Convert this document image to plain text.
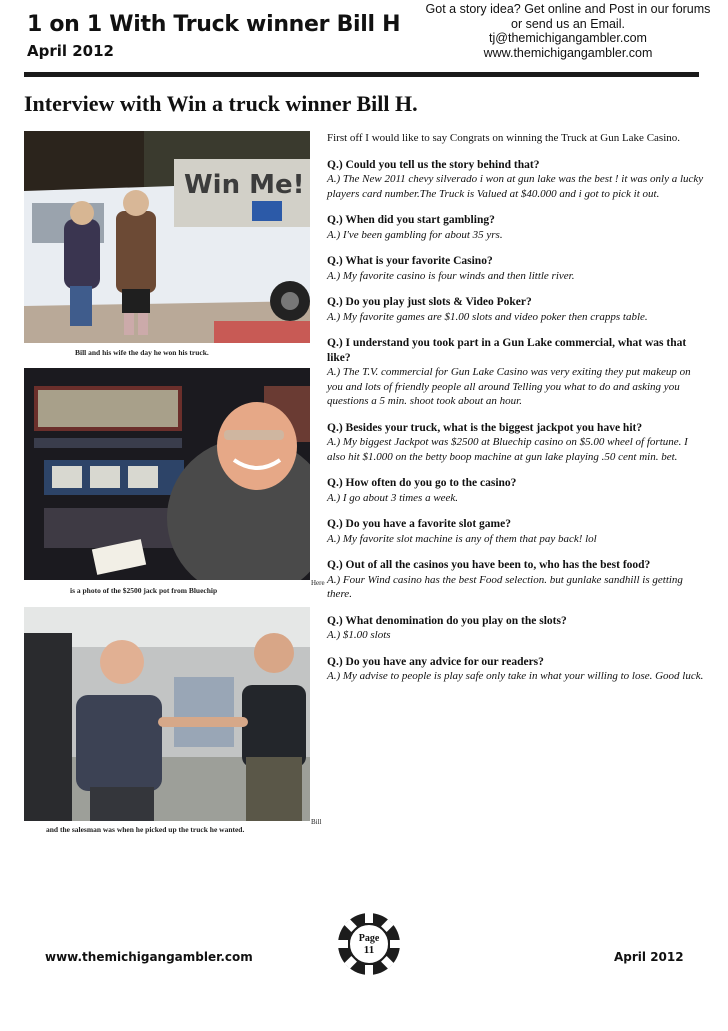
1 on 1 With Truck winner Bill H
April 2012
Got a story idea? Get online and Post in our forums
or send us an Email.
tj@themichigangambler.com
www.themichigangambler.com
Interview with Win a truck winner Bill H.
Win Me!
Bill and his wife the day he won his truck.
Here
is a photo of the $2500 jack pot from Bluechip
Bill
and the salesman was when he picked up the truck he wanted.
First off I would like to say Congrats on winning the Truck at Gun Lake Casino.
Q.) Could you tell us the story behind that?
A.) The New 2011 chevy silverado i won at gun lake was the best ! it was only a lucky players card number.The Truck is Valued at $40.000 and i got to pick it out.
Q.) When did you start gambling?
A.) I've been gambling for about 35 yrs.
Q.) What is your favorite Casino?
A.) My favorite casino is four winds and then little river.
Q.) Do you play just slots & Video Poker?
A.) My favorite games are $1.00 slots and video poker then crapps table.
Q.) I understand you took part in a Gun Lake commercial, what was that like?
A.) The T.V. commercial for Gun Lake Casino was very exiting they put makeup on you and lots of friendly people all around Telling you what to do and asking you questions a 5 min. shoot took about an hour.
Q.) Besides your truck, what is the biggest jackpot you have hit?
A.) My biggest Jackpot was $2500 at Bluechip casino on $5.00 wheel of fortune. I also hit $1.000 on the betty boop machine at gun lake playing .50 cent min. bet.
Q.) How often do you go to the casino?
A.) I go about 3 times a week.
Q.) Do you have a favorite slot game?
A.) My favorite slot machine is any of them that pay back! lol
Q.) Out of all the casinos you have been to, who has the best food?
A.) Four Wind casino has the best Food selection. but gunlake sandhill is getting there.
Q.) What denomination do you play on the slots?
A.) $1.00 slots
Q.) Do you have any advice for our readers?
A.) My advise to people is play safe only take in what your willing to lose. Good luck.
Page
11
www.themichigangambler.com	April 2012
